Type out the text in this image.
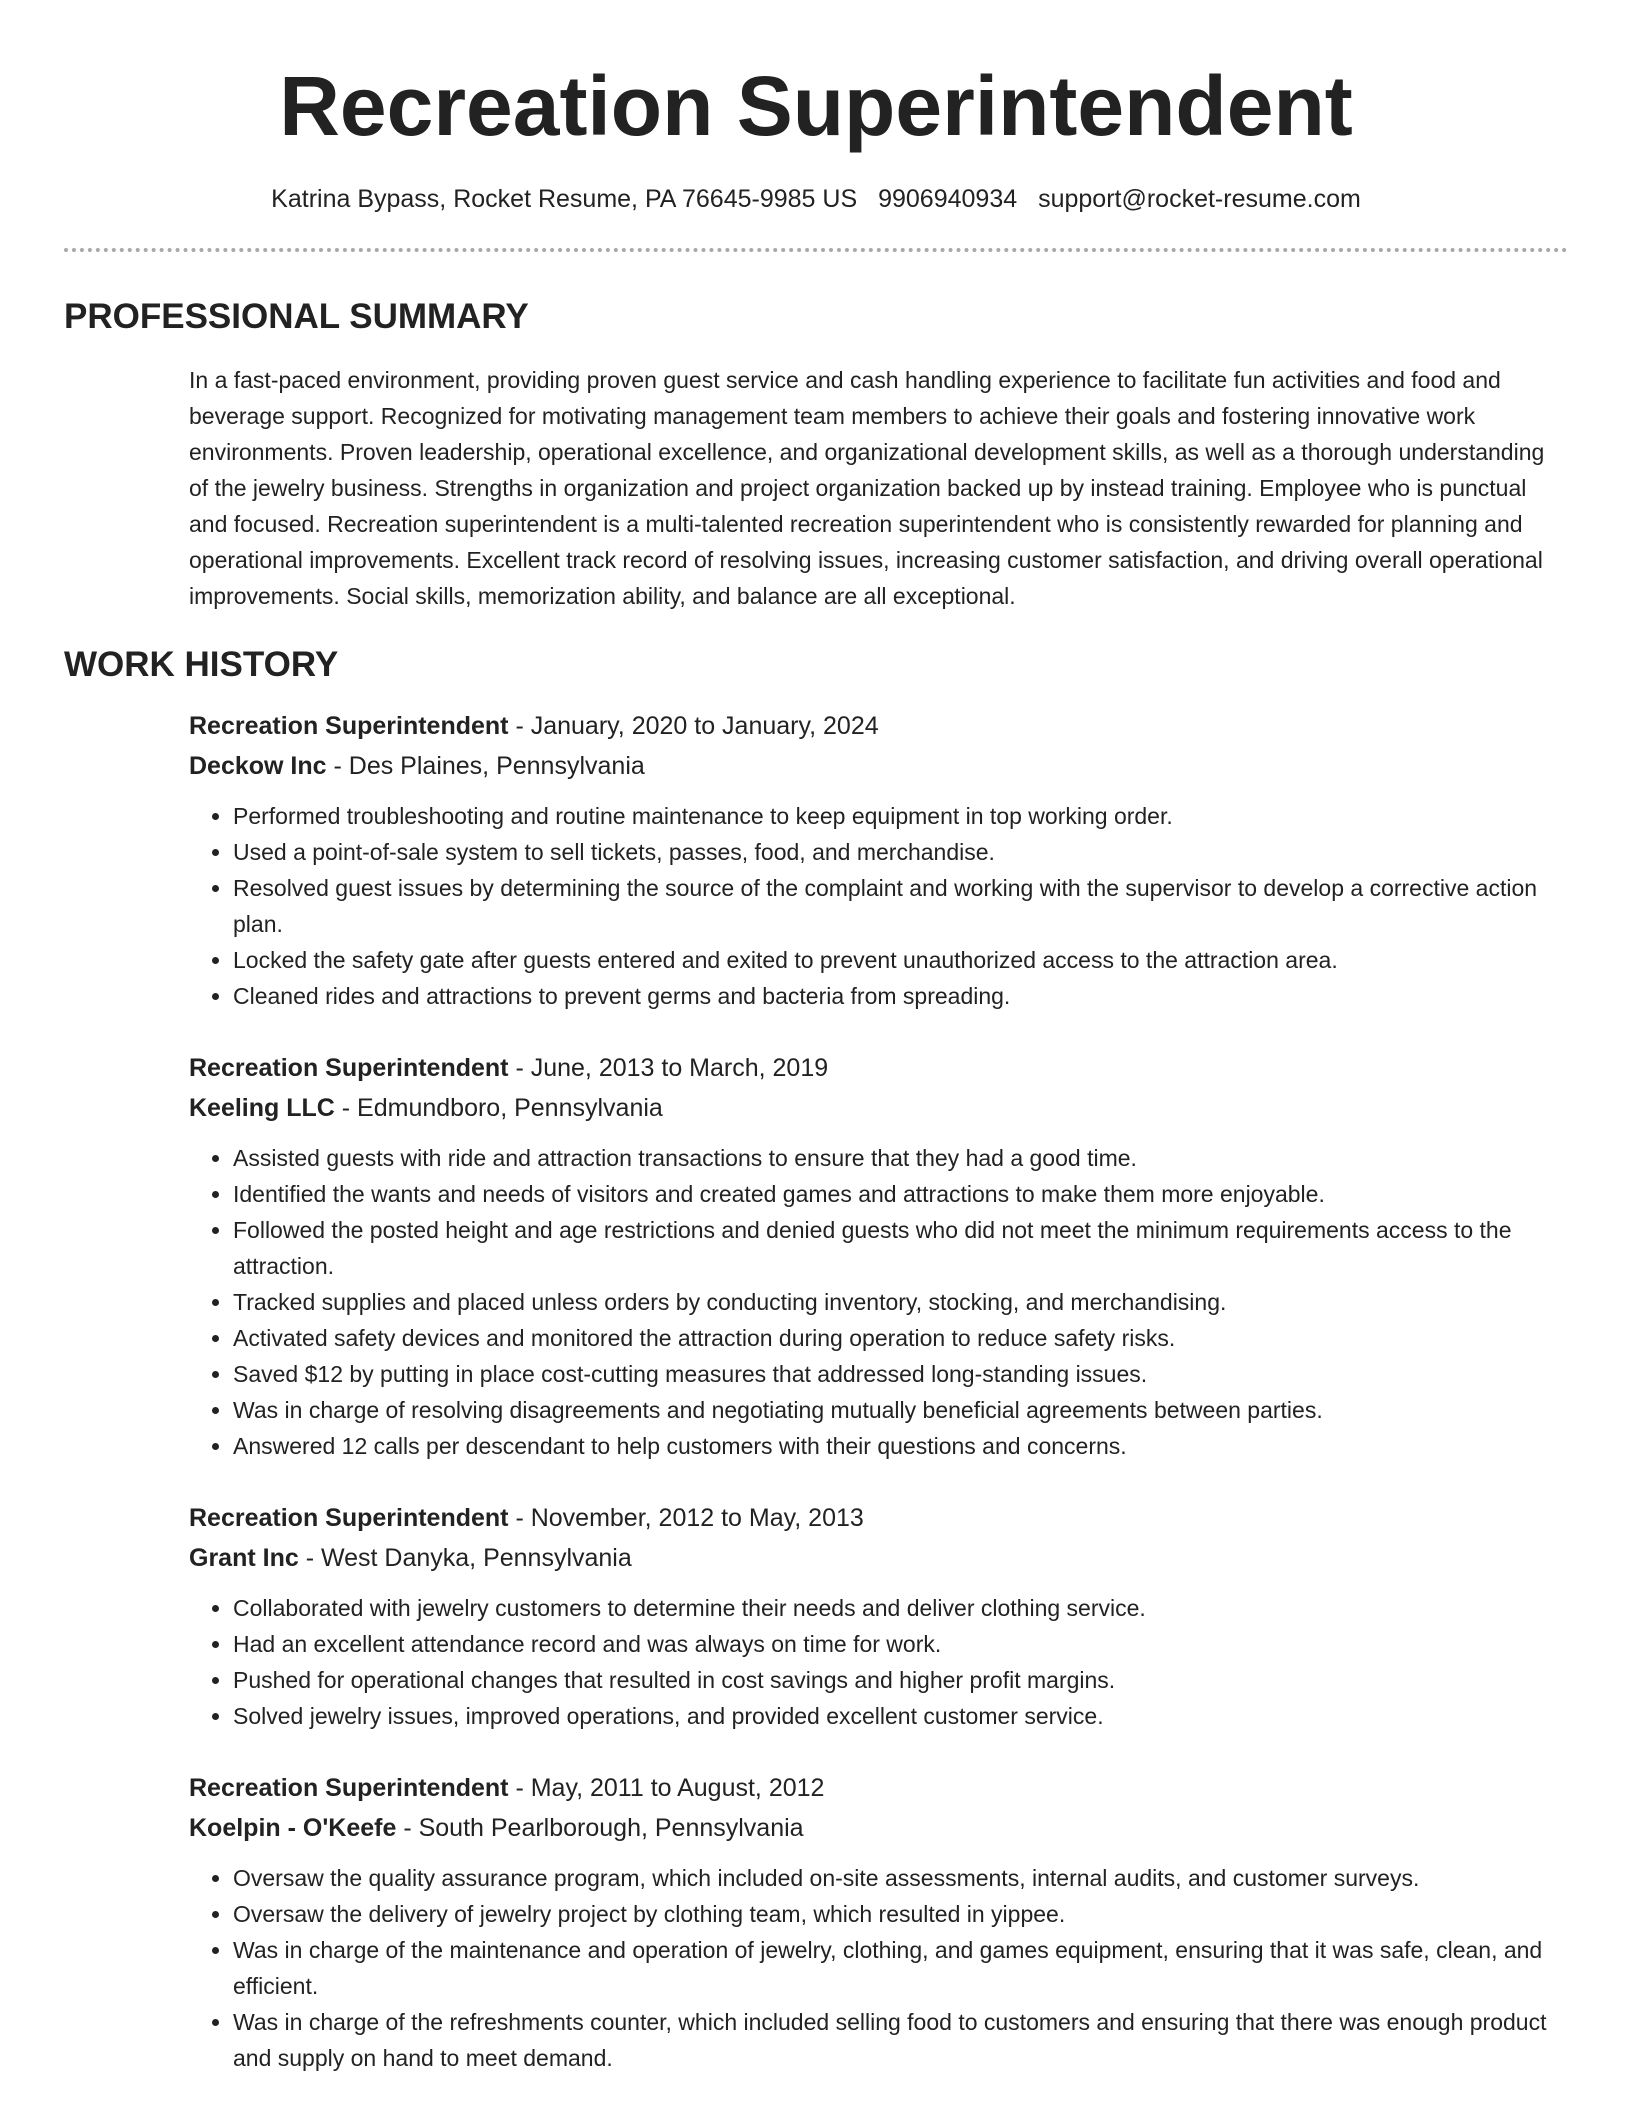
Recreation Superintendent
Katrina Bypass, Rocket Resume, PA 76645-9985 US 9906940934 support@rocket-resume.com
PROFESSIONAL SUMMARY

In a fast-paced environment, providing proven guest service and cash handling experience to facilitate fun activities and food and beverage support. Recognized for motivating management team members to achieve their goals and fostering innovative work environments. Proven leadership, operational excellence, and organizational development skills, as well as a thorough understanding of the jewelry business. Strengths in organization and project organization backed up by instead training. Employee who is punctual and focused. Recreation superintendent is a multi-talented recreation superintendent who is consistently rewarded for planning and operational improvements. Excellent track record of resolving issues, increasing customer satisfaction, and driving overall operational improvements. Social skills, memorization ability, and balance are all exceptional.

WORK HISTORY
Recreation Superintendent - January, 2020 to January, 2024
Deckow Inc - Des Plaines, Pennsylvania
• Performed troubleshooting and routine maintenance to keep equipment in top working order.
• Used a point-of-sale system to sell tickets, passes, food, and merchandise.
• Resolved guest issues by determining the source of the complaint and working with the supervisor to develop a corrective action plan.
• Locked the safety gate after guests entered and exited to prevent unauthorized access to the attraction area.
• Cleaned rides and attractions to prevent germs and bacteria from spreading.
Recreation Superintendent - June, 2013 to March, 2019
Keeling LLC - Edmundboro, Pennsylvania
• Assisted guests with ride and attraction transactions to ensure that they had a good time.
• Identified the wants and needs of visitors and created games and attractions to make them more enjoyable.
• Followed the posted height and age restrictions and denied guests who did not meet the minimum requirements access to the attraction.
• Tracked supplies and placed unless orders by conducting inventory, stocking, and merchandising.
• Activated safety devices and monitored the attraction during operation to reduce safety risks.
• Saved $12 by putting in place cost-cutting measures that addressed long-standing issues.
• Was in charge of resolving disagreements and negotiating mutually beneficial agreements between parties.
• Answered 12 calls per descendant to help customers with their questions and concerns.
Recreation Superintendent - November, 2012 to May, 2013
Grant Inc - West Danyka, Pennsylvania
• Collaborated with jewelry customers to determine their needs and deliver clothing service.
• Had an excellent attendance record and was always on time for work.
• Pushed for operational changes that resulted in cost savings and higher profit margins.
• Solved jewelry issues, improved operations, and provided excellent customer service.
Recreation Superintendent - May, 2011 to August, 2012
Koelpin - O'Keefe - South Pearlborough, Pennsylvania
• Oversaw the quality assurance program, which included on-site assessments, internal audits, and customer surveys.
• Oversaw the delivery of jewelry project by clothing team, which resulted in yippee.
• Was in charge of the maintenance and operation of jewelry, clothing, and games equipment, ensuring that it was safe, clean, and efficient.
• Was in charge of the refreshments counter, which included selling food to customers and ensuring that there was enough product and supply on hand to meet demand.
